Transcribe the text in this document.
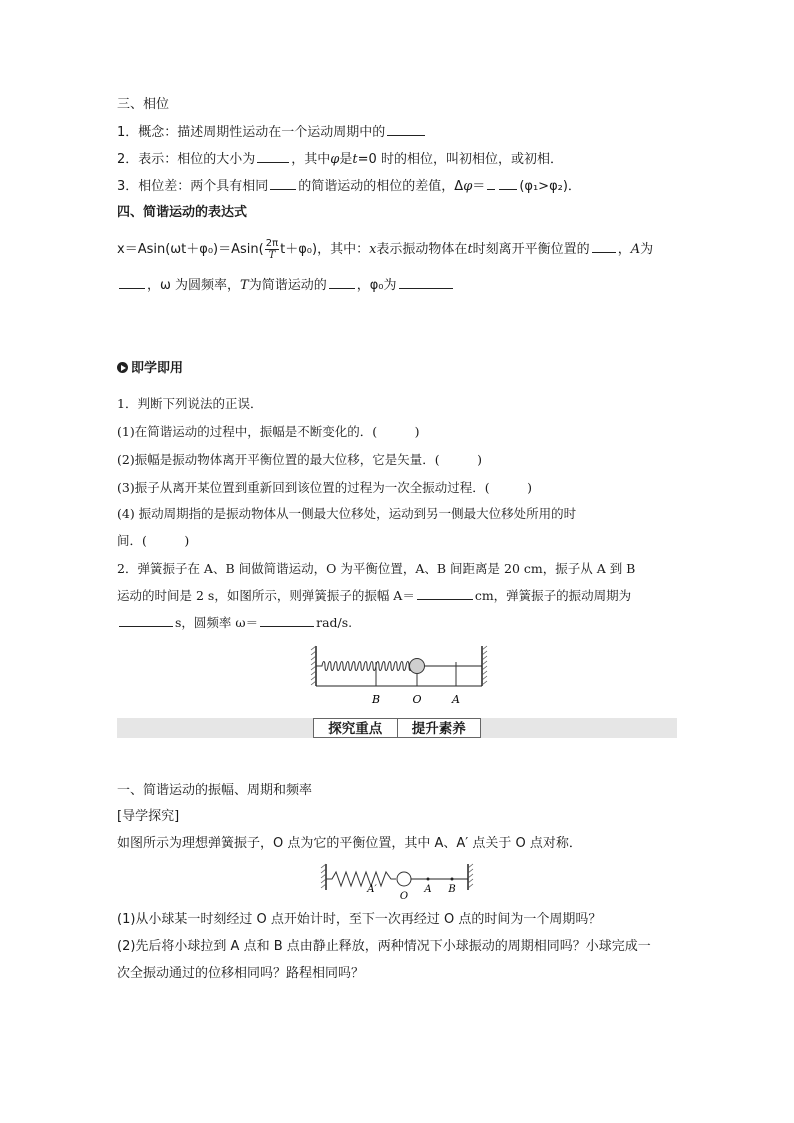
三、相位
1．概念：描述周期性运动在一个运动周期中的
2．表示：相位的大小为	，其中φ是t=0 时的相位，叫初相位，或初相．
3．相位差：两个具有相同 的简谐运动的相位的差值，Δφ＝	(φ₁>φ₂)．
四、简谐运动的表达式
$x=Asin(\omega t+\varphi_0)=Asin( \frac{2\pi}{T} t+\varphi_0)$，其中：x表示振动物体在t时刻离开平衡位置的 ，A为
，ω 为圆频率，T为简谐运动的 ，φ₀为
即学即用
1．判断下列说法的正误．
(1)在简谐运动的过程中，振幅是不断变化的．(　　　)
(2)振幅是振动物体离开平衡位置的最大位移，它是矢量．(　　　)
(3)振子从离开某位置到重新回到该位置的过程为一次全振动过程．(　　　)
(4) 振动周期指的是振动物体从一侧最大位移处，运动到另一侧最大位移处所用的时
间．(　　　)
2．弹簧振子在 A、B 间做简谐运动，O 为平衡位置，A、B 间距离是 20 cm，振子从 A 到 B
运动的时间是 2 s，如图所示，则弹簧振子的振幅 A＝	cm，弹簧振子的振动周期为
s，圆频率 ω＝	rad/s.
B	O	A
探究重点	提升素养
一、简谐运动的振幅、周期和频率
[导学探究]
如图所示为理想弹簧振子，O 点为它的平衡位置，其中 A、A′ 点关于 O 点对称．
A′
O
A B
(1)从小球某一时刻经过 O 点开始计时，至下一次再经过 O 点的时间为一个周期吗？
(2)先后将小球拉到 A 点和 B 点由静止释放，两种情况下小球振动的周期相同吗？小球完成一
次全振动通过的位移相同吗？路程相同吗？
